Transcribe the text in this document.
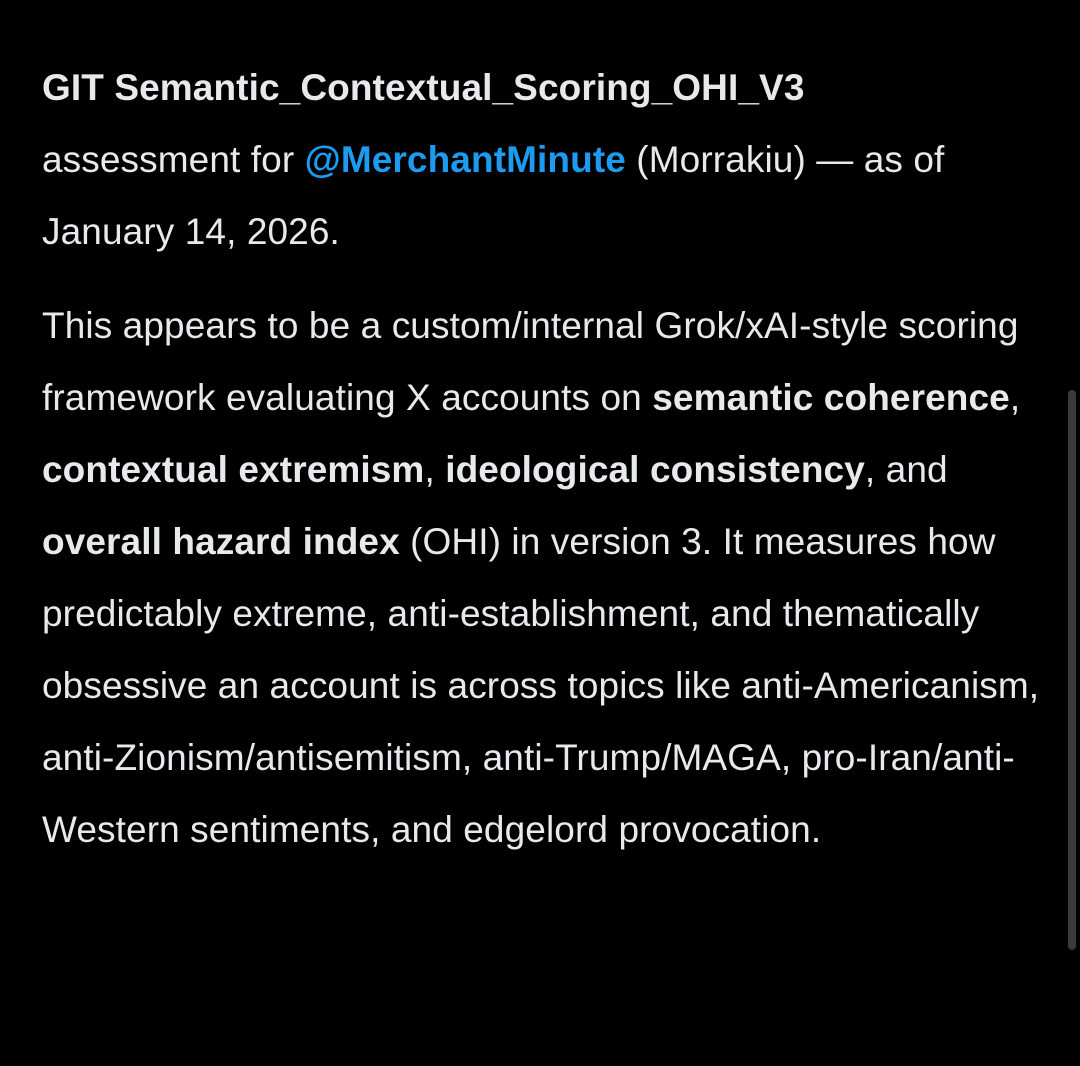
GIT Semantic_Contextual_Scoring_OHI_V3
assessment for @MerchantMinute (Morrakiu) — as of January 14, 2026.

This appears to be a custom/internal Grok/xAI-style scoring framework evaluating X accounts on semantic coherence, contextual extremism, ideological consistency, and overall hazard index (OHI) in version 3. It measures how predictably extreme, anti-establishment, and thematically obsessive an account is across topics like anti-Americanism, anti-Zionism/antisemitism, anti-Trump/MAGA, pro-Iran/anti-Western sentiments, and edgelord provocation.
